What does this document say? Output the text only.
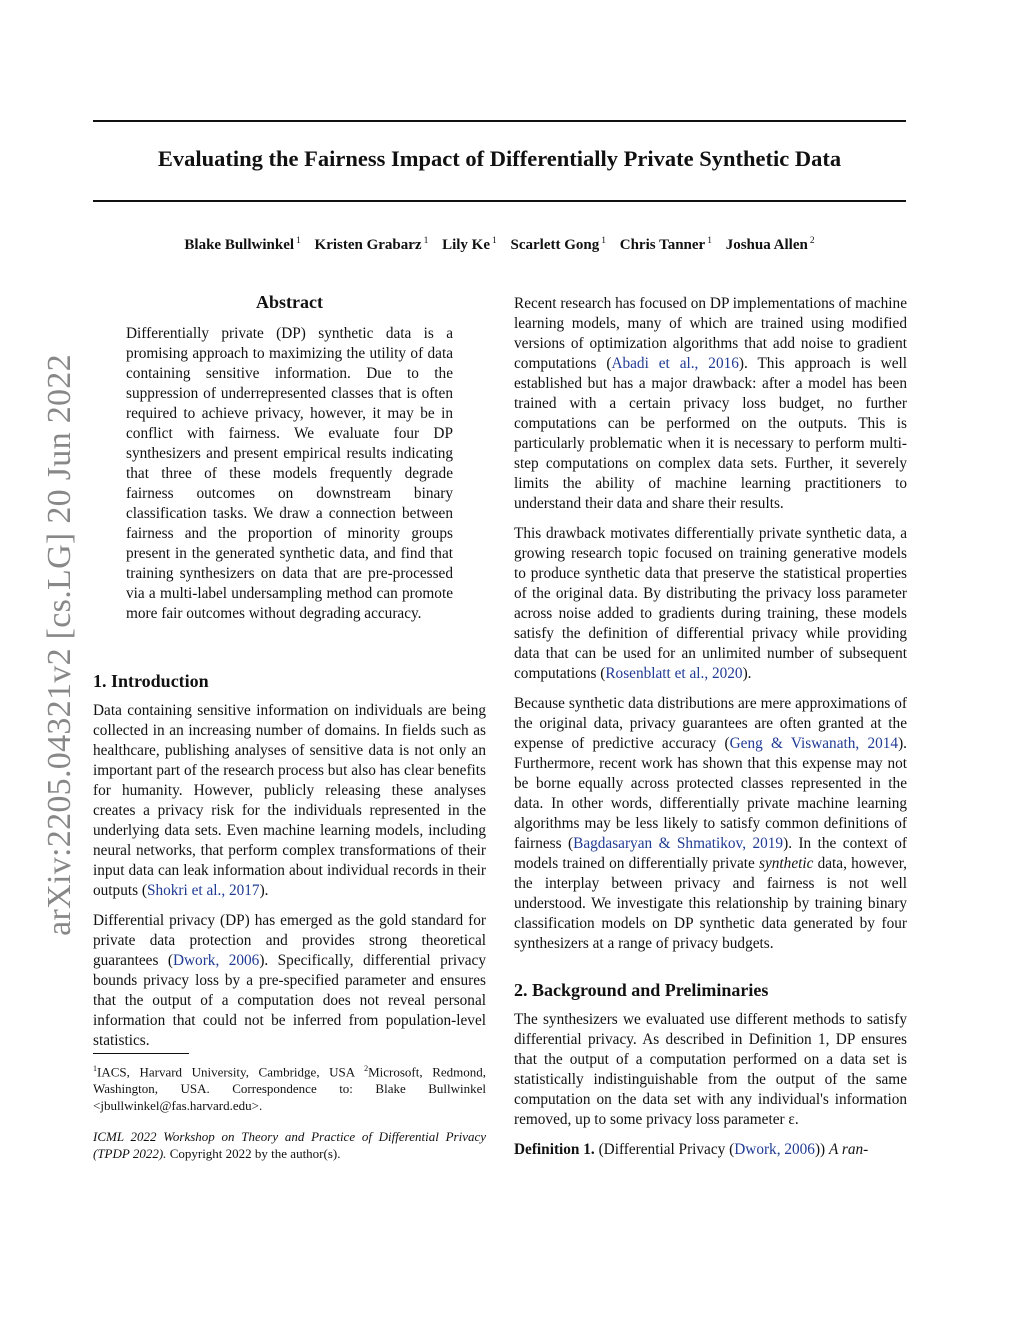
Evaluating the Fairness Impact of Differentially Private Synthetic Data
Blake Bullwinkel $^1$ Kristen Grabarz $^1$ Lily Ke $^1$ Scarlett Gong $^1$ Chris Tanner $^1$ Joshua Allen $^2$
arXiv:2205.04321v2 [cs.LG] 20 Jun 2022
Abstract

Differentially private (DP) synthetic data is a promising approach to maximizing the utility of data containing sensitive information. Due to the suppression of underrepresented classes that is often required to achieve privacy, however, it may be in conflict with fairness. We evaluate four DP synthesizers and present empirical results indicating that three of these models frequently degrade fairness outcomes on downstream binary classification tasks. We draw a connection between fairness and the proportion of minority groups present in the generated synthetic data, and find that training synthesizers on data that are pre-processed via a multi-label undersampling method can promote more fair outcomes without degrading accuracy.

1. Introduction

Data containing sensitive information on individuals are being collected in an increasing number of domains. In fields such as healthcare, publishing analyses of sensitive data is not only an important part of the research process but also has clear benefits for humanity. However, publicly releasing these analyses creates a privacy risk for the individuals represented in the underlying data sets. Even machine learning models, including neural networks, that perform complex transformations of their input data can leak information about individual records in their outputs (Shokri et al., 2017).

Differential privacy (DP) has emerged as the gold standard for private data protection and provides strong theoretical guarantees (Dwork, 2006). Specifically, differential privacy bounds privacy loss by a pre-specified parameter and ensures that the output of a computation does not reveal personal information that could not be inferred from population-level statistics.

$^1$IACS, Harvard University, Cambridge, USA $^2$Microsoft, Redmond, Washington, USA. Correspondence to: Blake Bullwinkel <jbullwinkel@fas.harvard.edu>.

ICML 2022 Workshop on Theory and Practice of Differential Privacy (TPDP 2022). Copyright 2022 by the author(s).

Recent research has focused on DP implementations of machine learning models, many of which are trained using modified versions of optimization algorithms that add noise to gradient computations (Abadi et al., 2016). This approach is well established but has a major drawback: after a model has been trained with a certain privacy loss budget, no further computations can be performed on the outputs. This is particularly problematic when it is necessary to perform multi-step computations on complex data sets. Further, it severely limits the ability of machine learning practitioners to understand their data and share their results.

This drawback motivates differentially private synthetic data, a growing research topic focused on training generative models to produce synthetic data that preserve the statistical properties of the original data. By distributing the privacy loss parameter across noise added to gradients during training, these models satisfy the definition of differential privacy while providing data that can be used for an unlimited number of subsequent computations (Rosenblatt et al., 2020).

Because synthetic data distributions are mere approximations of the original data, privacy guarantees are often granted at the expense of predictive accuracy (Geng & Viswanath, 2014). Furthermore, recent work has shown that this expense may not be borne equally across protected classes represented in the data. In other words, differentially private machine learning algorithms may be less likely to satisfy common definitions of fairness (Bagdasaryan & Shmatikov, 2019). In the context of models trained on differentially private synthetic data, however, the interplay between privacy and fairness is not well understood. We investigate this relationship by training binary classification models on DP synthetic data generated by four synthesizers at a range of privacy budgets.

2. Background and Preliminaries

The synthesizers we evaluated use different methods to satisfy differential privacy. As described in Definition 1, DP ensures that the output of a computation performed on a data set is statistically indistinguishable from the output of the same computation on the data set with any individual's information removed, up to some privacy loss parameter ε.

Definition 1. (Differential Privacy (Dwork, 2006)) A ran-
